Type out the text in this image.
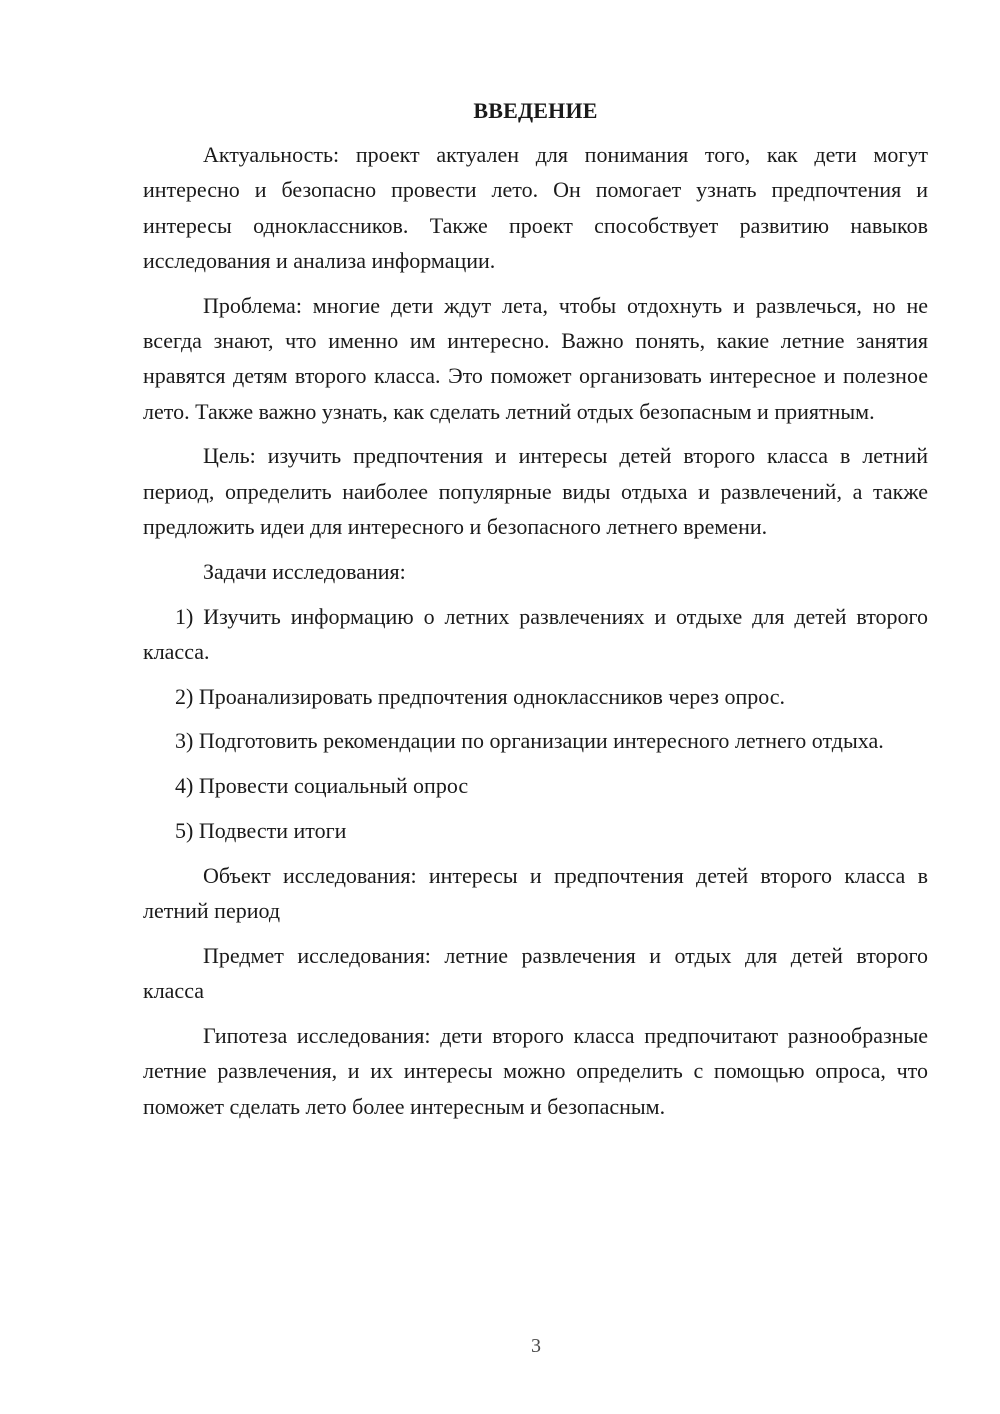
ВВЕДЕНИЕ

Актуальность: проект актуален для понимания того, как дети могут интересно и безопасно провести лето. Он помогает узнать предпочтения и интересы одноклассников. Также проект способствует развитию навыков исследования и анализа информации.

Проблема: многие дети ждут лета, чтобы отдохнуть и развлечься, но не всегда знают, что именно им интересно. Важно понять, какие летние занятия нравятся детям второго класса. Это поможет организовать интересное и полезное лето. Также важно узнать, как сделать летний отдых безопасным и приятным.

Цель: изучить предпочтения и интересы детей второго класса в летний период, определить наиболее популярные виды отдыха и развлечений, а также предложить идеи для интересного и безопасного летнего времени.

Задачи исследования:

1) Изучить информацию о летних развлечениях и отдыхе для детей второго класса.

2) Проанализировать предпочтения одноклассников через опрос.

3) Подготовить рекомендации по организации интересного летнего отдыха.

4) Провести социальный опрос

5) Подвести итоги

Объект исследования: интересы и предпочтения детей второго класса в летний период

Предмет исследования: летние развлечения и отдых для детей второго класса

Гипотеза исследования: дети второго класса предпочитают разнообразные летние развлечения, и их интересы можно определить с помощью опроса, что поможет сделать лето более интересным и безопасным.

3
